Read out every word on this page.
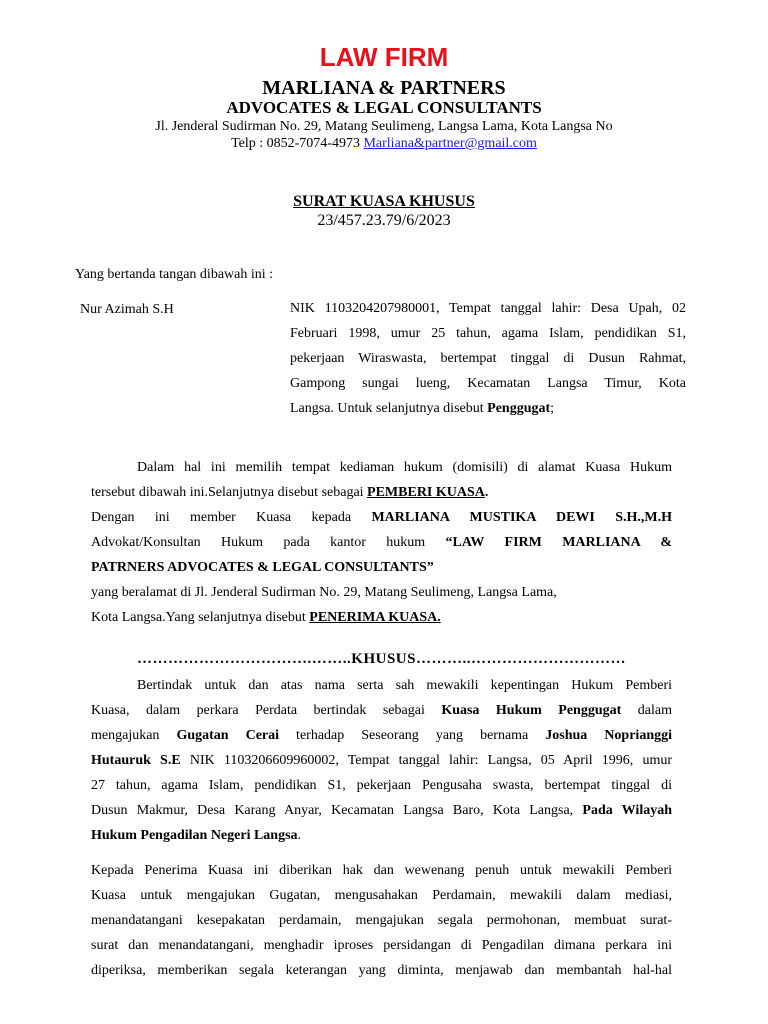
LAW FIRM
MARLIANA & PARTNERS
ADVOCATES & LEGAL CONSULTANTS
Jl. Jenderal Sudirman No. 29, Matang Seulimeng, Langsa Lama, Kota Langsa No
Telp : 0852-7074-4973 Marliana&partner@gmail.com
SURAT KUASA KHUSUS
23/457.23.79/6/2023
Yang bertanda tangan dibawah ini :
Nur Azimah S.H	NIK 1103204207980001, Tempat tanggal lahir: Desa Upah, 02
Februari 1998, umur 25 tahun, agama Islam, pendidikan S1,
pekerjaan Wiraswasta, bertempat tinggal di Dusun Rahmat,
Gampong sungai lueng, Kecamatan Langsa Timur, Kota
Langsa. Untuk selanjutnya disebut Penggugat;
Dalam hal ini memilih tempat kediaman hukum (domisili) di alamat Kuasa Hukum
tersebut dibawah ini.Selanjutnya disebut sebagai PEMBERI KUASA.
Dengan ini member Kuasa kepada MARLIANA MUSTIKA DEWI S.H.,M.H
Advokat/Konsultan Hukum pada kantor hukum “LAW FIRM MARLIANA &
PATRNERS ADVOCATES & LEGAL CONSULTANTS”
yang beralamat di Jl. Jenderal Sudirman No. 29, Matang Seulimeng, Langsa Lama,
Kota Langsa.Yang selanjutnya disebut PENERIMA KUASA.
…………………………….……..KHUSUS………..…………………………
Bertindak untuk dan atas nama serta sah mewakili kepentingan Hukum Pemberi
Kuasa, dalam perkara Perdata bertindak sebagai Kuasa Hukum Penggugat dalam
mengajukan Gugatan Cerai terhadap Seseorang yang bernama Joshua Noprianggi
Hutauruk S.E NIK 1103206609960002, Tempat tanggal lahir: Langsa, 05 April 1996, umur
27 tahun, agama Islam, pendidikan S1, pekerjaan Pengusaha swasta, bertempat tinggal di
Dusun Makmur, Desa Karang Anyar, Kecamatan Langsa Baro, Kota Langsa, Pada Wilayah
Hukum Pengadilan Negeri Langsa.
Kepada Penerima Kuasa ini diberikan hak dan wewenang penuh untuk mewakili Pemberi
Kuasa untuk mengajukan Gugatan, mengusahakan Perdamain, mewakili dalam mediasi,
menandatangani kesepakatan perdamain, mengajukan segala permohonan, membuat surat-
surat dan menandatangani, menghadir iproses persidangan di Pengadilan dimana perkara ini
diperiksa, memberikan segala keterangan yang diminta, menjawab dan membantah hal-hal
